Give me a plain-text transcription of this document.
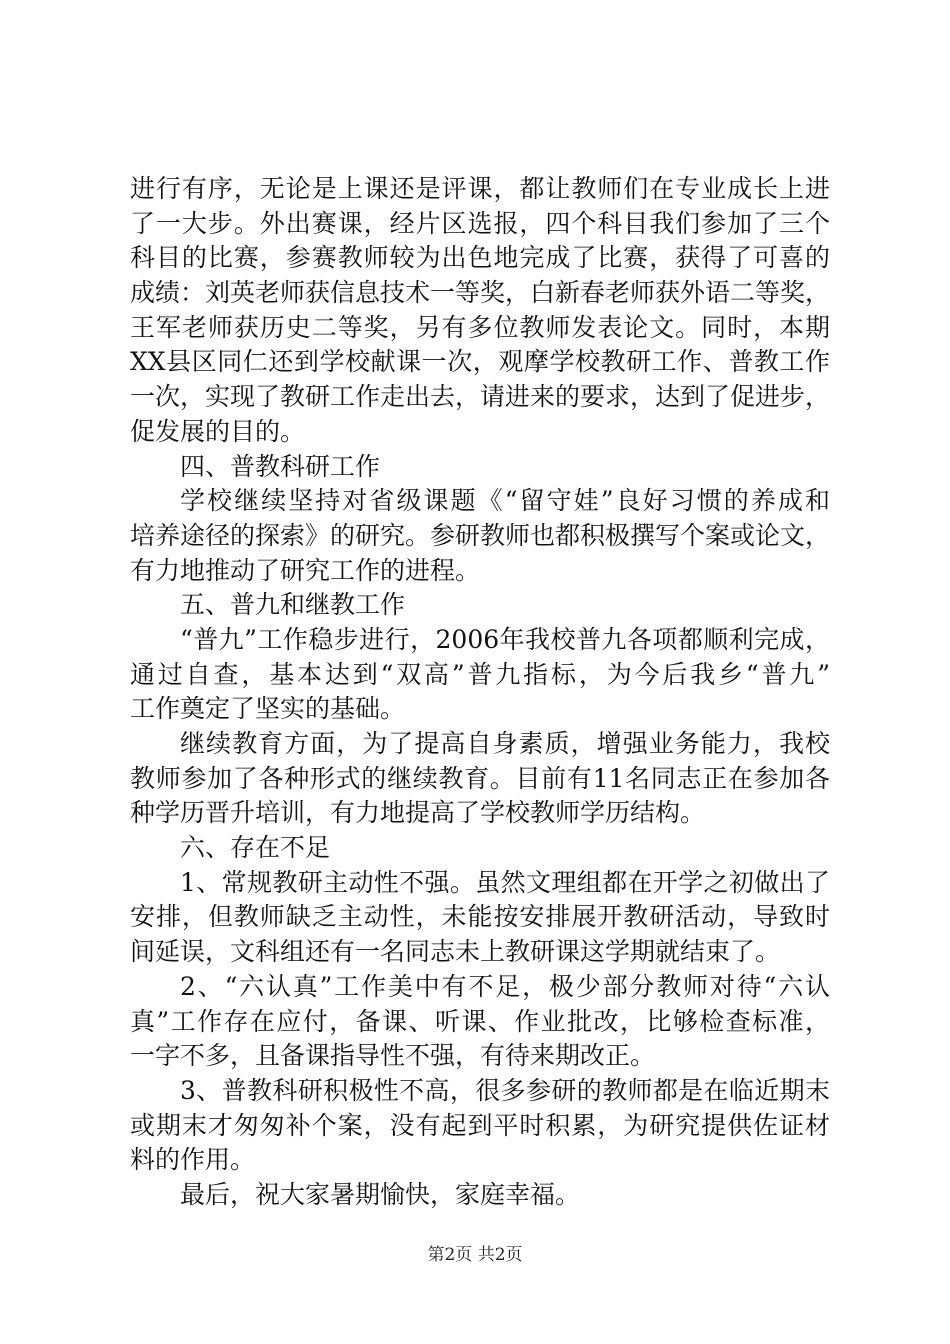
进行有序，无论是上课还是评课，都让教师们在专业成长上进
了一大步。外出赛课，经片区选报，四个科目我们参加了三个
科目的比赛，参赛教师较为出色地完成了比赛，获得了可喜的
成绩：刘英老师获信息技术一等奖，白新春老师获外语二等奖，
王军老师获历史二等奖，另有多位教师发表论文。同时，本期
XX县区同仁还到学校献课一次，观摩学校教研工作、普教工作
一次，实现了教研工作走出去，请进来的要求，达到了促进步，
促发展的目的。
四、普教科研工作
学校继续坚持对省级课题《“留守娃”良好习惯的养成和
培养途径的探索》的研究。参研教师也都积极撰写个案或论文，
有力地推动了研究工作的进程。
五、普九和继教工作
“普九”工作稳步进行，2006年我校普九各项都顺利完成，
通过自查，基本达到“双高”普九指标，为今后我乡“普九”
工作奠定了坚实的基础。
继续教育方面，为了提高自身素质，增强业务能力，我校
教师参加了各种形式的继续教育。目前有11名同志正在参加各
种学历晋升培训，有力地提高了学校教师学历结构。
六、存在不足
1、常规教研主动性不强。虽然文理组都在开学之初做出了
安排，但教师缺乏主动性，未能按安排展开教研活动，导致时
间延误，文科组还有一名同志未上教研课这学期就结束了。
2、“六认真”工作美中有不足，极少部分教师对待“六认
真”工作存在应付，备课、听课、作业批改，比够检查标准，
一字不多，且备课指导性不强，有待来期改正。
3、普教科研积极性不高，很多参研的教师都是在临近期末
或期末才匆匆补个案，没有起到平时积累，为研究提供佐证材
料的作用。
最后，祝大家暑期愉快，家庭幸福。
第2页 共2页
